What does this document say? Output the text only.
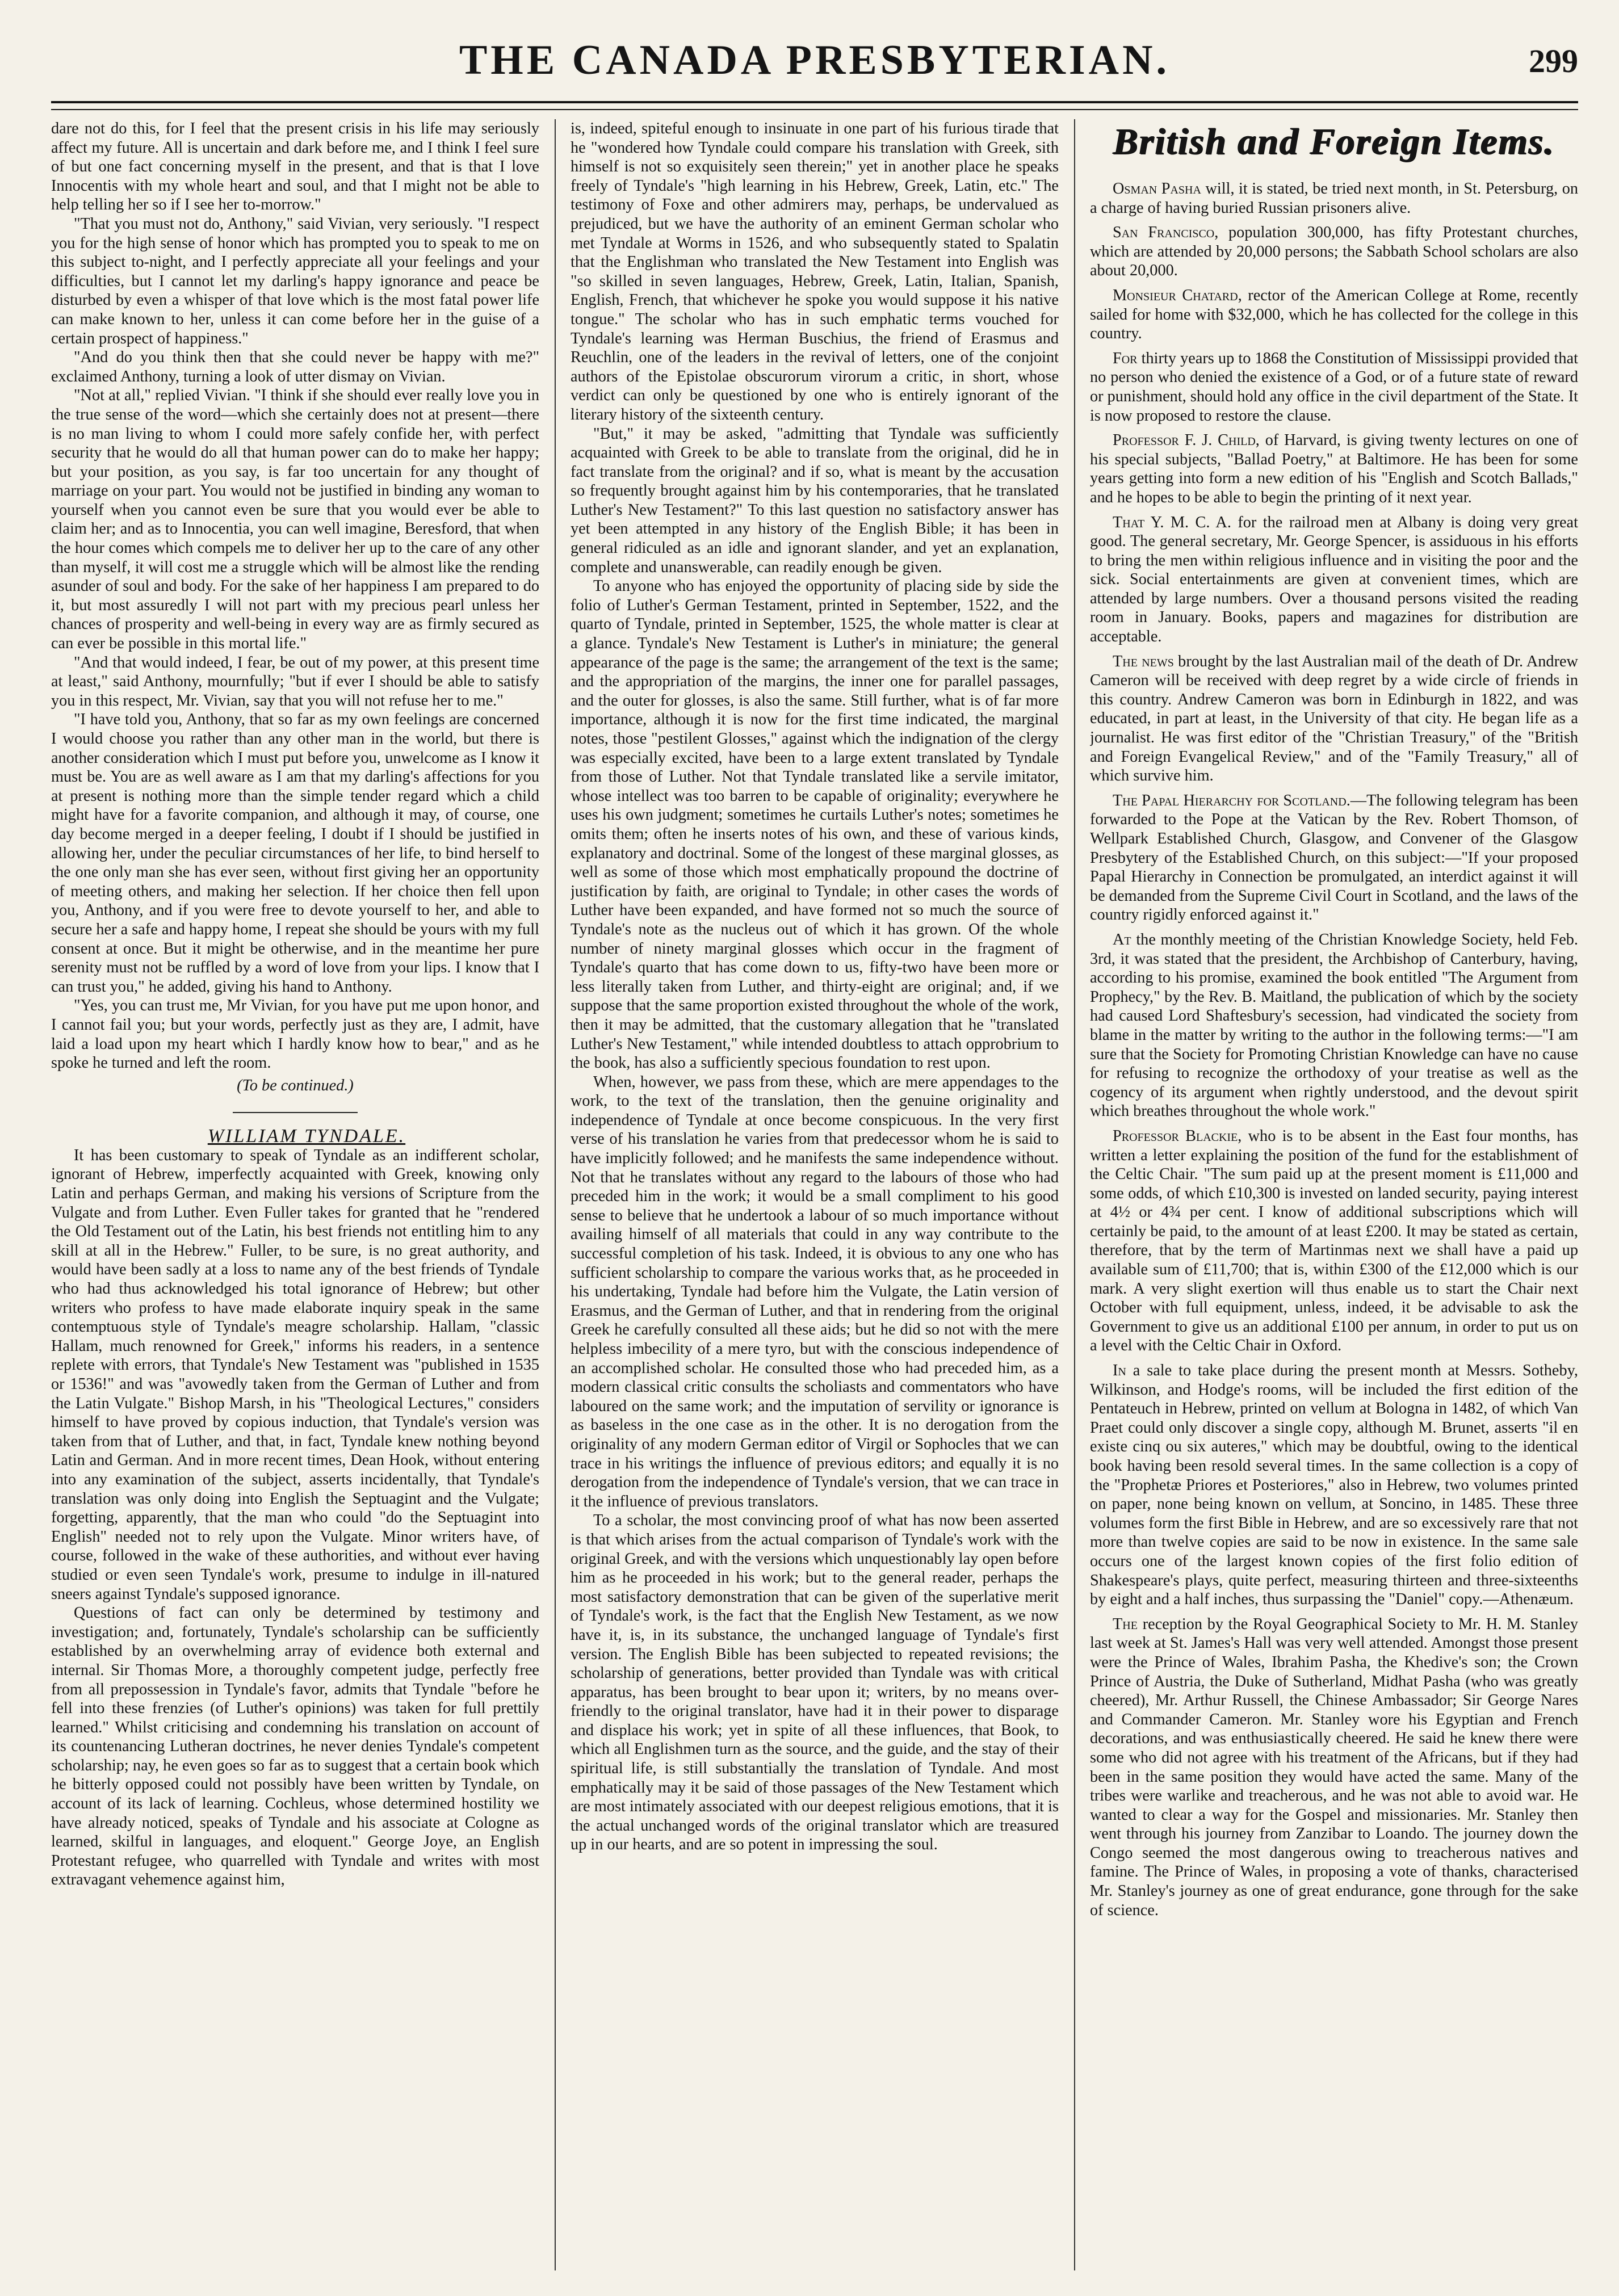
THE CANADA PRESBYTERIAN.	299

dare not do this, for I feel that the present crisis in his life may seriously affect my future. All is uncertain and dark before me, and I think I feel sure of but one fact concerning myself in the present, and that is that I love Innocentis with my whole heart and soul, and that I might not be able to help telling her so if I see her to-morrow."

"That you must not do, Anthony," said Vivian, very seriously. "I respect you for the high sense of honor which has prompted you to speak to me on this subject to-night, and I perfectly appreciate all your feelings and your difficulties, but I cannot let my darling's happy ignorance and peace be disturbed by even a whisper of that love which is the most fatal power life can make known to her, unless it can come before her in the guise of a certain prospect of happiness."

"And do you think then that she could never be happy with me?" exclaimed Anthony, turning a look of utter dismay on Vivian.

"Not at all," replied Vivian. "I think if she should ever really love you in the true sense of the word—which she certainly does not at present—there is no man living to whom I could more safely confide her, with perfect security that he would do all that human power can do to make her happy; but your position, as you say, is far too uncertain for any thought of marriage on your part. You would not be justified in binding any woman to yourself when you cannot even be sure that you would ever be able to claim her; and as to Innocentia, you can well imagine, Beresford, that when the hour comes which compels me to deliver her up to the care of any other than myself, it will cost me a struggle which will be almost like the rending asunder of soul and body. For the sake of her happiness I am prepared to do it, but most assuredly I will not part with my precious pearl unless her chances of prosperity and well-being in every way are as firmly secured as can ever be possible in this mortal life."

"And that would indeed, I fear, be out of my power, at this present time at least," said Anthony, mournfully; "but if ever I should be able to satisfy you in this respect, Mr. Vivian, say that you will not refuse her to me."

"I have told you, Anthony, that so far as my own feelings are concerned I would choose you rather than any other man in the world, but there is another consideration which I must put before you, unwelcome as I know it must be. You are as well aware as I am that my darling's affections for you at present is nothing more than the simple tender regard which a child might have for a favorite companion, and although it may, of course, one day become merged in a deeper feeling, I doubt if I should be justified in allowing her, under the peculiar circumstances of her life, to bind herself to the one only man she has ever seen, without first giving her an opportunity of meeting others, and making her selection. If her choice then fell upon you, Anthony, and if you were free to devote yourself to her, and able to secure her a safe and happy home, I repeat she should be yours with my full consent at once. But it might be otherwise, and in the meantime her pure serenity must not be ruffled by a word of love from your lips. I know that I can trust you," he added, giving his hand to Anthony.

"Yes, you can trust me, Mr Vivian, for you have put me upon honor, and I cannot fail you; but your words, perfectly just as they are, I admit, have laid a load upon my heart which I hardly know how to bear," and as he spoke he turned and left the room.

(To be continued.)

WILLIAM TYNDALE.

It has been customary to speak of Tyndale as an indifferent scholar, ignorant of Hebrew, imperfectly acquainted with Greek, knowing only Latin and perhaps German, and making his versions of Scripture from the Vulgate and from Luther. Even Fuller takes for granted that he "rendered the Old Testament out of the Latin, his best friends not entitling him to any skill at all in the Hebrew." Fuller, to be sure, is no great authority, and would have been sadly at a loss to name any of the best friends of Tyndale who had thus acknowledged his total ignorance of Hebrew; but other writers who profess to have made elaborate inquiry speak in the same contemptuous style of Tyndale's meagre scholarship. Hallam, "classic Hallam, much renowned for Greek," informs his readers, in a sentence replete with errors, that Tyndale's New Testament was "published in 1535 or 1536!" and was "avowedly taken from the German of Luther and from the Latin Vulgate." Bishop Marsh, in his "Theological Lectures," considers himself to have proved by copious induction, that Tyndale's version was taken from that of Luther, and that, in fact, Tyndale knew nothing beyond Latin and German. And in more recent times, Dean Hook, without entering into any examination of the subject, asserts incidentally, that Tyndale's translation was only doing into English the Septuagint and the Vulgate; forgetting, apparently, that the man who could "do the Septuagint into English" needed not to rely upon the Vulgate. Minor writers have, of course, followed in the wake of these authorities, and without ever having studied or even seen Tyndale's work, presume to indulge in ill-natured sneers against Tyndale's supposed ignorance.

Questions of fact can only be determined by testimony and investigation; and, fortunately, Tyndale's scholarship can be sufficiently established by an overwhelming array of evidence both external and internal. Sir Thomas More, a thoroughly competent judge, perfectly free from all prepossession in Tyndale's favor, admits that Tyndale "before he fell into these frenzies (of Luther's opinions) was taken for full prettily learned." Whilst criticising and condemning his translation on account of its countenancing Lutheran doctrines, he never denies Tyndale's competent scholarship; nay, he even goes so far as to suggest that a certain book which he bitterly opposed could not possibly have been written by Tyndale, on account of its lack of learning. Cochleus, whose determined hostility we have already noticed, speaks of Tyndale and his associate at Cologne as learned, skilful in languages, and eloquent." George Joye, an English Protestant refugee, who quarrelled with Tyndale and writes with most extravagant vehemence against him,

is, indeed, spiteful enough to insinuate in one part of his furious tirade that he "wondered how Tyndale could compare his translation with Greek, sith himself is not so exquisitely seen therein;" yet in another place he speaks freely of Tyndale's "high learning in his Hebrew, Greek, Latin, etc." The testimony of Foxe and other admirers may, perhaps, be undervalued as prejudiced, but we have the authority of an eminent German scholar who met Tyndale at Worms in 1526, and who subsequently stated to Spalatin that the Englishman who translated the New Testament into English was "so skilled in seven languages, Hebrew, Greek, Latin, Italian, Spanish, English, French, that whichever he spoke you would suppose it his native tongue." The scholar who has in such emphatic terms vouched for Tyndale's learning was Herman Buschius, the friend of Erasmus and Reuchlin, one of the leaders in the revival of letters, one of the conjoint authors of the Epistolae obscurorum virorum a critic, in short, whose verdict can only be questioned by one who is entirely ignorant of the literary history of the sixteenth century.

"But," it may be asked, "admitting that Tyndale was sufficiently acquainted with Greek to be able to translate from the original, did he in fact translate from the original? and if so, what is meant by the accusation so frequently brought against him by his contemporaries, that he translated Luther's New Testament?" To this last question no satisfactory answer has yet been attempted in any history of the English Bible; it has been in general ridiculed as an idle and ignorant slander, and yet an explanation, complete and unanswerable, can readily enough be given.

To anyone who has enjoyed the opportunity of placing side by side the folio of Luther's German Testament, printed in September, 1522, and the quarto of Tyndale, printed in September, 1525, the whole matter is clear at a glance. Tyndale's New Testament is Luther's in miniature; the general appearance of the page is the same; the arrangement of the text is the same; and the appropriation of the margins, the inner one for parallel passages, and the outer for glosses, is also the same. Still further, what is of far more importance, although it is now for the first time indicated, the marginal notes, those "pestilent Glosses," against which the indignation of the clergy was especially excited, have been to a large extent translated by Tyndale from those of Luther. Not that Tyndale translated like a servile imitator, whose intellect was too barren to be capable of originality; everywhere he uses his own judgment; sometimes he curtails Luther's notes; sometimes he omits them; often he inserts notes of his own, and these of various kinds, explanatory and doctrinal. Some of the longest of these marginal glosses, as well as some of those which most emphatically propound the doctrine of justification by faith, are original to Tyndale; in other cases the words of Luther have been expanded, and have formed not so much the source of Tyndale's note as the nucleus out of which it has grown. Of the whole number of ninety marginal glosses which occur in the fragment of Tyndale's quarto that has come down to us, fifty-two have been more or less literally taken from Luther, and thirty-eight are original; and, if we suppose that the same proportion existed throughout the whole of the work, then it may be admitted, that the customary allegation that he "translated Luther's New Testament," while intended doubtless to attach opprobrium to the book, has also a sufficiently specious foundation to rest upon.

When, however, we pass from these, which are mere appendages to the work, to the text of the translation, then the genuine originality and independence of Tyndale at once become conspicuous. In the very first verse of his translation he varies from that predecessor whom he is said to have implicitly followed; and he manifests the same independence without. Not that he translates without any regard to the labours of those who had preceded him in the work; it would be a small compliment to his good sense to believe that he undertook a labour of so much importance without availing himself of all materials that could in any way contribute to the successful completion of his task. Indeed, it is obvious to any one who has sufficient scholarship to compare the various works that, as he proceeded in his undertaking, Tyndale had before him the Vulgate, the Latin version of Erasmus, and the German of Luther, and that in rendering from the original Greek he carefully consulted all these aids; but he did so not with the mere helpless imbecility of a mere tyro, but with the conscious independence of an accomplished scholar. He consulted those who had preceded him, as a modern classical critic consults the scholiasts and commentators who have laboured on the same work; and the imputation of servility or ignorance is as baseless in the one case as in the other. It is no derogation from the originality of any modern German editor of Virgil or Sophocles that we can trace in his writings the influence of previous editors; and equally it is no derogation from the independence of Tyndale's version, that we can trace in it the influence of previous translators.

To a scholar, the most convincing proof of what has now been asserted is that which arises from the actual comparison of Tyndale's work with the original Greek, and with the versions which unquestionably lay open before him as he proceeded in his work; but to the general reader, perhaps the most satisfactory demonstration that can be given of the superlative merit of Tyndale's work, is the fact that the English New Testament, as we now have it, is, in its substance, the unchanged language of Tyndale's first version. The English Bible has been subjected to repeated revisions; the scholarship of generations, better provided than Tyndale was with critical apparatus, has been brought to bear upon it; writers, by no means over-friendly to the original translator, have had it in their power to disparage and displace his work; yet in spite of all these influences, that Book, to which all Englishmen turn as the source, and the guide, and the stay of their spiritual life, is still substantially the translation of Tyndale. And most emphatically may it be said of those passages of the New Testament which are most intimately associated with our deepest religious emotions, that it is the actual unchanged words of the original translator which are treasured up in our hearts, and are so potent in impressing the soul.

British and Foreign Items.

Osman Pasha will, it is stated, be tried next month, in St. Petersburg, on a charge of having buried Russian prisoners alive.

San Francisco, population 300,000, has fifty Protestant churches, which are attended by 20,000 persons; the Sabbath School scholars are also about 20,000.

Monsieur Chatard, rector of the American College at Rome, recently sailed for home with $32,000, which he has collected for the college in this country.

For thirty years up to 1868 the Constitution of Mississippi provided that no person who denied the existence of a God, or of a future state of reward or punishment, should hold any office in the civil department of the State. It is now proposed to restore the clause.

Professor F. J. Child, of Harvard, is giving twenty lectures on one of his special subjects, "Ballad Poetry," at Baltimore. He has been for some years getting into form a new edition of his "English and Scotch Ballads," and he hopes to be able to begin the printing of it next year.

That Y. M. C. A. for the railroad men at Albany is doing very great good. The general secretary, Mr. George Spencer, is assiduous in his efforts to bring the men within religious influence and in visiting the poor and the sick. Social entertainments are given at convenient times, which are attended by large numbers. Over a thousand persons visited the reading room in January. Books, papers and magazines for distribution are acceptable.

The news brought by the last Australian mail of the death of Dr. Andrew Cameron will be received with deep regret by a wide circle of friends in this country. Andrew Cameron was born in Edinburgh in 1822, and was educated, in part at least, in the University of that city. He began life as a journalist. He was first editor of the "Christian Treasury," of the "British and Foreign Evangelical Review," and of the "Family Treasury," all of which survive him.

The Papal Hierarchy for Scotland.—The following telegram has been forwarded to the Pope at the Vatican by the Rev. Robert Thomson, of Wellpark Established Church, Glasgow, and Convener of the Glasgow Presbytery of the Established Church, on this subject:—"If your proposed Papal Hierarchy in Connection be promulgated, an interdict against it will be demanded from the Supreme Civil Court in Scotland, and the laws of the country rigidly enforced against it."

At the monthly meeting of the Christian Knowledge Society, held Feb. 3rd, it was stated that the president, the Archbishop of Canterbury, having, according to his promise, examined the book entitled "The Argument from Prophecy," by the Rev. B. Maitland, the publication of which by the society had caused Lord Shaftesbury's secession, had vindicated the society from blame in the matter by writing to the author in the following terms:—"I am sure that the Society for Promoting Christian Knowledge can have no cause for refusing to recognize the orthodoxy of your treatise as well as the cogency of its argument when rightly understood, and the devout spirit which breathes throughout the whole work."

Professor Blackie, who is to be absent in the East four months, has written a letter explaining the position of the fund for the establishment of the Celtic Chair. "The sum paid up at the present moment is £11,000 and some odds, of which £10,300 is invested on landed security, paying interest at 4½ or 4¾ per cent. I know of additional subscriptions which will certainly be paid, to the amount of at least £200. It may be stated as certain, therefore, that by the term of Martinmas next we shall have a paid up available sum of £11,700; that is, within £300 of the £12,000 which is our mark. A very slight exertion will thus enable us to start the Chair next October with full equipment, unless, indeed, it be advisable to ask the Government to give us an additional £100 per annum, in order to put us on a level with the Celtic Chair in Oxford.

In a sale to take place during the present month at Messrs. Sotheby, Wilkinson, and Hodge's rooms, will be included the first edition of the Pentateuch in Hebrew, printed on vellum at Bologna in 1482, of which Van Praet could only discover a single copy, although M. Brunet, asserts "il en existe cinq ou six auteres," which may be doubtful, owing to the identical book having been resold several times. In the same collection is a copy of the "Prophetæ Priores et Posteriores," also in Hebrew, two volumes printed on paper, none being known on vellum, at Soncino, in 1485. These three volumes form the first Bible in Hebrew, and are so excessively rare that not more than twelve copies are said to be now in existence. In the same sale occurs one of the largest known copies of the first folio edition of Shakespeare's plays, quite perfect, measuring thirteen and three-sixteenths by eight and a half inches, thus surpassing the "Daniel" copy.—Athenæum.

The reception by the Royal Geographical Society to Mr. H. M. Stanley last week at St. James's Hall was very well attended. Amongst those present were the Prince of Wales, Ibrahim Pasha, the Khedive's son; the Crown Prince of Austria, the Duke of Sutherland, Midhat Pasha (who was greatly cheered), Mr. Arthur Russell, the Chinese Ambassador; Sir George Nares and Commander Cameron. Mr. Stanley wore his Egyptian and French decorations, and was enthusiastically cheered. He said he knew there were some who did not agree with his treatment of the Africans, but if they had been in the same position they would have acted the same. Many of the tribes were warlike and treacherous, and he was not able to avoid war. He wanted to clear a way for the Gospel and missionaries. Mr. Stanley then went through his journey from Zanzibar to Loando. The journey down the Congo seemed the most dangerous owing to treacherous natives and famine. The Prince of Wales, in proposing a vote of thanks, characterised Mr. Stanley's journey as one of great endurance, gone through for the sake of science.
